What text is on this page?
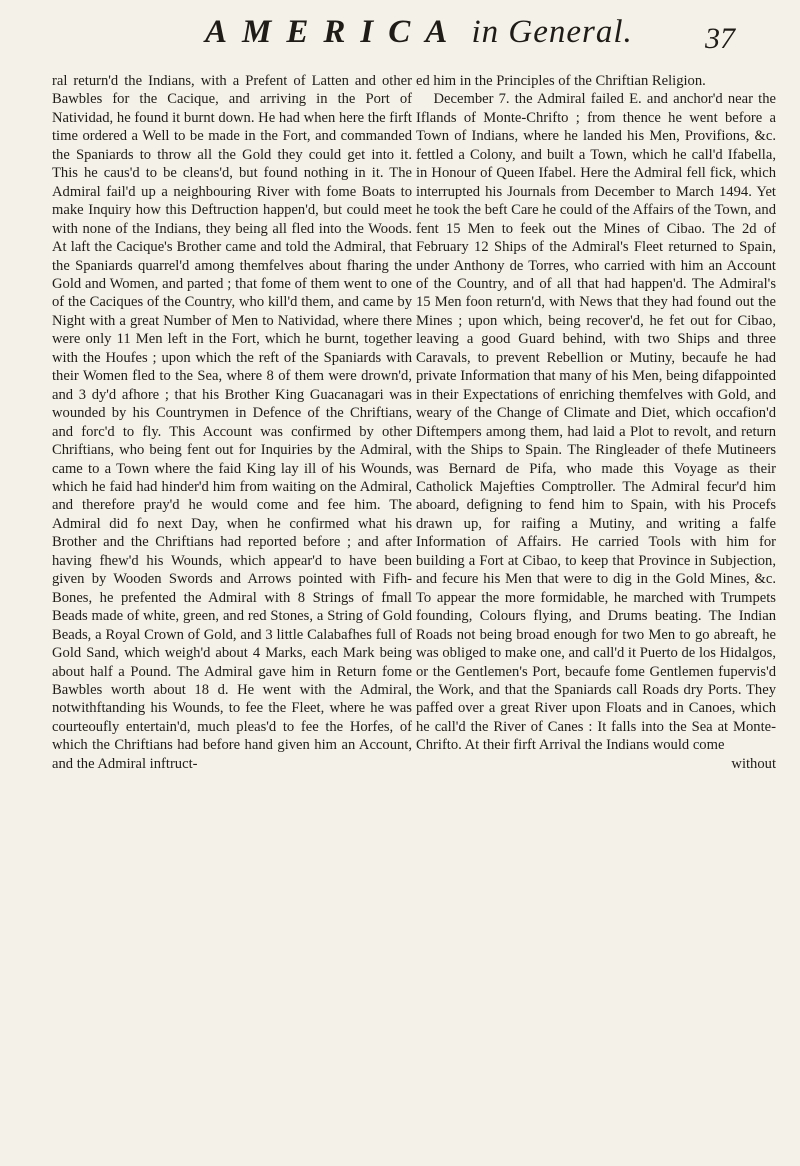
AMERICA in General. 37

ral return'd the Indians, with a Prefent of Latten and other Bawbles for the Cacique, and arriving in the Port of Natividad, he found it burnt down. He had when here the firft time ordered a Well to be made in the Fort, and commanded the Spaniards to throw all the Gold they could get into it. This he caus'd to be cleans'd, but found nothing in it. The Admiral fail'd up a neighbouring River with fome Boats to make Inquiry how this Deftruction happen'd, but could meet with none of the Indians, they being all fled into the Woods. At laft the Cacique's Brother came and told the Admiral, that the Spaniards quarrel'd among themfelves about fharing the Gold and Women, and parted ; that fome of them went to one of the Caciques of the Country, who kill'd them, and came by Night with a great Number of Men to Natividad, where there were only 11 Men left in the Fort, which he burnt, together with the Houfes ; upon which the reft of the Spaniards with their Women fled to the Sea, where 8 of them were drown'd, and 3 dy'd afhore ; that his Brother King Guacanagari was wounded by his Countrymen in Defence of the Chriftians, and forc'd to fly. This Account was confirmed by other Chriftians, who being fent out for Inquiries by the Admiral, came to a Town where the faid King lay ill of his Wounds, which he faid had hinder'd him from waiting on the Admiral, and therefore pray'd he would come and fee him. The Admiral did fo next Day, when he confirmed what his Brother and the Chriftians had reported before ; and after having fhew'd his Wounds, which appear'd to have been given by Wooden Swords and Arrows pointed with Fifh-Bones, he prefented the Admiral with 8 Strings of fmall Beads made of white, green, and red Stones, a String of Gold Beads, a Royal Crown of Gold, and 3 little Calabafhes full of Gold Sand, which weigh'd about 4 Marks, each Mark being about half a Pound. The Admiral gave him in Return fome Bawbles worth about 18 d. He went with the Admiral, notwithftanding his Wounds, to fee the Fleet, where he was courteoufly entertain'd, much pleas'd to fee the Horfes, of which the Chriftians had before hand given him an Account, and the Admiral inftruct-

ed him in the Principles of the Chriftian Religion.

December 7. the Admiral failed E. and anchor'd near the Iflands of Monte-Chrifto ; from thence he went before a Town of Indians, where he landed his Men, Provifions, &c. fettled a Colony, and built a Town, which he call'd Ifabella, in Honour of Queen Ifabel. Here the Admiral fell fick, which interrupted his Journals from December to March 1494. Yet he took the beft Care he could of the Affairs of the Town, and fent 15 Men to feek out the Mines of Cibao. The 2d of February 12 Ships of the Admiral's Fleet returned to Spain, under Anthony de Torres, who carried with him an Account of the Country, and of all that had happen'd. The Admiral's 15 Men foon return'd, with News that they had found out the Mines ; upon which, being recover'd, he fet out for Cibao, leaving a good Guard behind, with two Ships and three Caravals, to prevent Rebellion or Mutiny, becaufe he had private Information that many of his Men, being difappointed in their Expectations of enriching themfelves with Gold, and weary of the Change of Climate and Diet, which occafion'd Diftempers among them, had laid a Plot to revolt, and return with the Ships to Spain. The Ringleader of thefe Mutineers was Bernard de Pifa, who made this Voyage as their Catholick Majefties Comptroller. The Admiral fecur'd him aboard, defigning to fend him to Spain, with his Procefs drawn up, for raifing a Mutiny, and writing a falfe Information of Affairs. He carried Tools with him for building a Fort at Cibao, to keep that Province in Subjection, and fecure his Men that were to dig in the Gold Mines, &c. To appear the more formidable, he marched with Trumpets founding, Colours flying, and Drums beating. The Indian Roads not being broad enough for two Men to go abreaft, he was obliged to make one, and call'd it Puerto de los Hidalgos, or the Gentlemen's Port, becaufe fome Gentlemen fupervis'd the Work, and that the Spaniards call Roads dry Ports. They paffed over a great River upon Floats and in Canoes, which he call'd the River of Canes : It falls into the Sea at Monte-Chrifto. At their firft Arrival the Indians would come

without
